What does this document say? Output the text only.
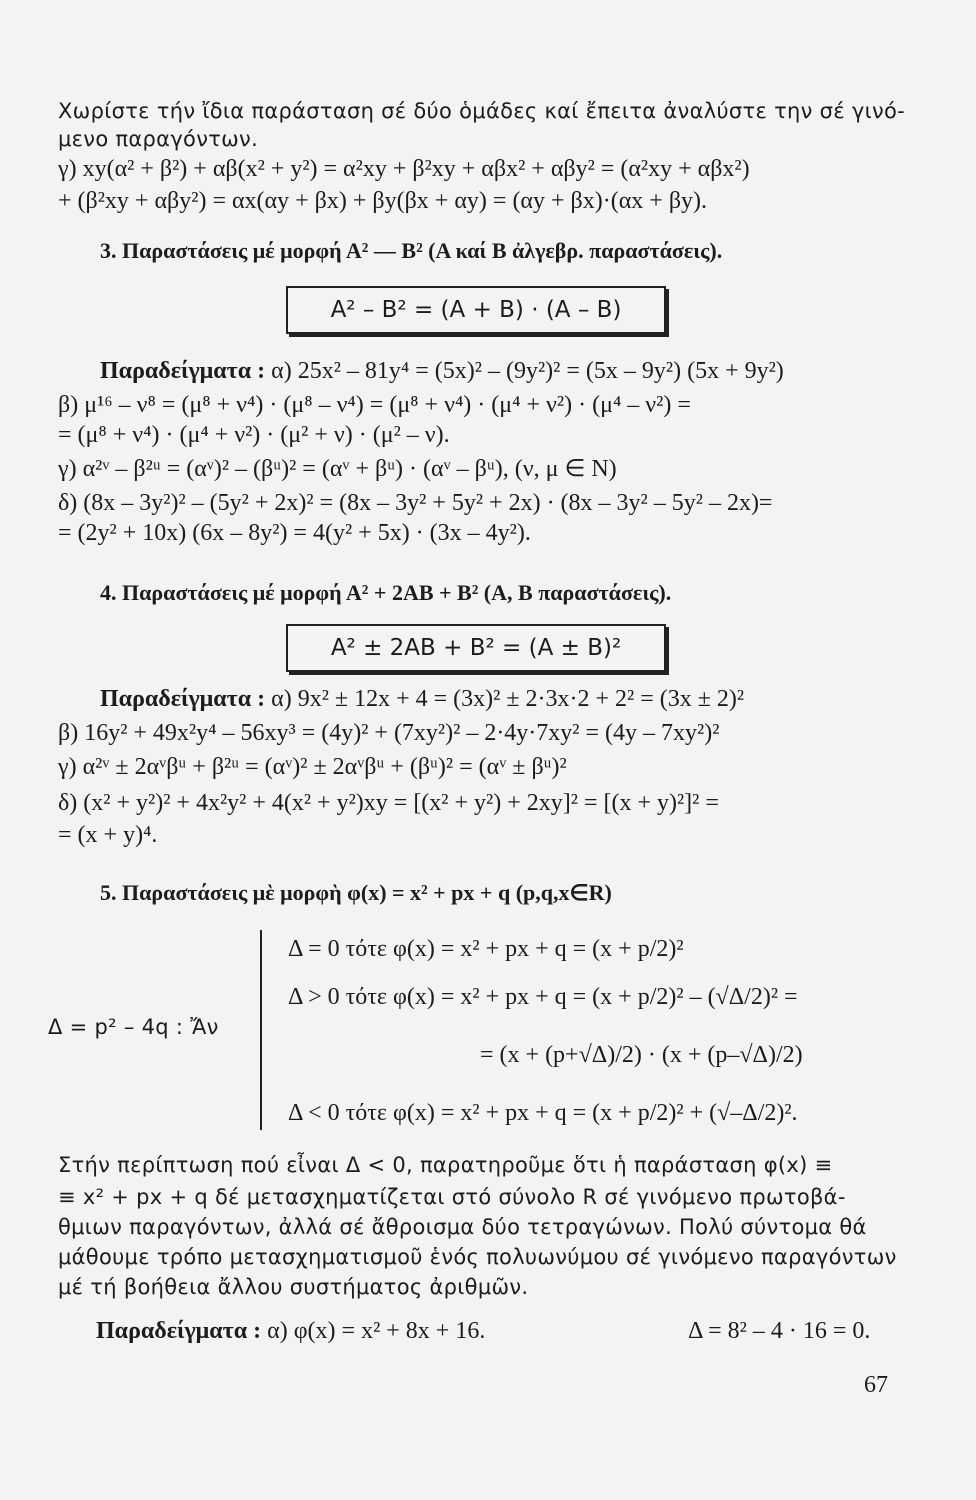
Χωρίστε τήν ἴδια παράσταση σέ δύο ὁμάδες καί ἔπειτα ἀναλύστε την σέ γινό-
μενο παραγόντων.
γ) xy(α² + β²) + αβ(x² + y²) = α²xy + β²xy + αβx² + αβy² = (α²xy + αβx²)
+ (β²xy + αβy²) = αx(αy + βx) + βy(βx + αy) = (αy + βx)·(αx + βy).
3. Παραστάσεις μέ μορφή Α² — Β² (Α καί Β ἀλγεβρ. παραστάσεις).
A² – B² = (A + B) · (A – B)
Παραδείγματα : α) 25x² – 81y⁴ = (5x)² – (9y²)² = (5x – 9y²) (5x + 9y²)
β) μ¹⁶ – ν⁸ = (μ⁸ + ν⁴) · (μ⁸ – ν⁴) = (μ⁸ + ν⁴) · (μ⁴ + ν²) · (μ⁴ – ν²) =
= (μ⁸ + ν⁴) · (μ⁴ + ν²) · (μ² + ν) · (μ² – ν).
γ) α²ᵛ – β²ᵘ = (αᵛ)² – (βᵘ)² = (αᵛ + βᵘ) · (αᵛ – βᵘ), (ν, μ ∈ N)
δ) (8x – 3y²)² – (5y² + 2x)² = (8x – 3y² + 5y² + 2x) · (8x – 3y² – 5y² – 2x)=
= (2y² + 10x) (6x – 8y²) = 4(y² + 5x) · (3x – 4y²).
4. Παραστάσεις μέ μορφή Α² + 2ΑΒ + Β² (Α, Β παραστάσεις).
A² ± 2AB + B² = (A ± B)²
Παραδείγματα : α) 9x² ± 12x + 4 = (3x)² ± 2·3x·2 + 2² = (3x ± 2)²
β) 16y² + 49x²y⁴ – 56xy³ = (4y)² + (7xy²)² – 2·4y·7xy² = (4y – 7xy²)²
γ) α²ᵛ ± 2αᵛβᵘ + β²ᵘ = (αᵛ)² ± 2αᵛβᵘ + (βᵘ)² = (αᵛ ± βᵘ)²
δ) (x² + y²)² + 4x²y² + 4(x² + y²)xy = [(x² + y²) + 2xy]² = [(x + y)²]² =
= (x + y)⁴.
5. Παραστάσεις μὲ μορφὴ φ(x) = x² + px + q (p,q,x∈R)
Δ = p² – 4q : Ἄν
Δ = 0 τότε φ(x) = x² + px + q = (x + p/2)²
Δ > 0 τότε φ(x) = x² + px + q = (x + p/2)² – (√Δ/2)² =
= (x + (p+√Δ)/2) · (x + (p–√Δ)/2)
Δ < 0 τότε φ(x) = x² + px + q = (x + p/2)² + (√–Δ/2)².
Στήν περίπτωση πού εἶναι Δ < 0, παρατηροῦμε ὅτι ἡ παράσταση φ(x) ≡
≡ x² + px + q δέ μετασχηματίζεται στό σύνολο R σέ γινόμενο πρωτοβά-
θμιων παραγόντων, ἀλλά σέ ἄθροισμα δύο τετραγώνων. Πολύ σύντομα θά
μάθουμε τρόπο μετασχηματισμοῦ ἑνός πολυωνύμου σέ γινόμενο παραγόντων
μέ τή βοήθεια ἄλλου συστήματος ἀριθμῶν.
Παραδείγματα : α) φ(x) = x² + 8x + 16.	Δ = 8² – 4 · 16 = 0.
67
